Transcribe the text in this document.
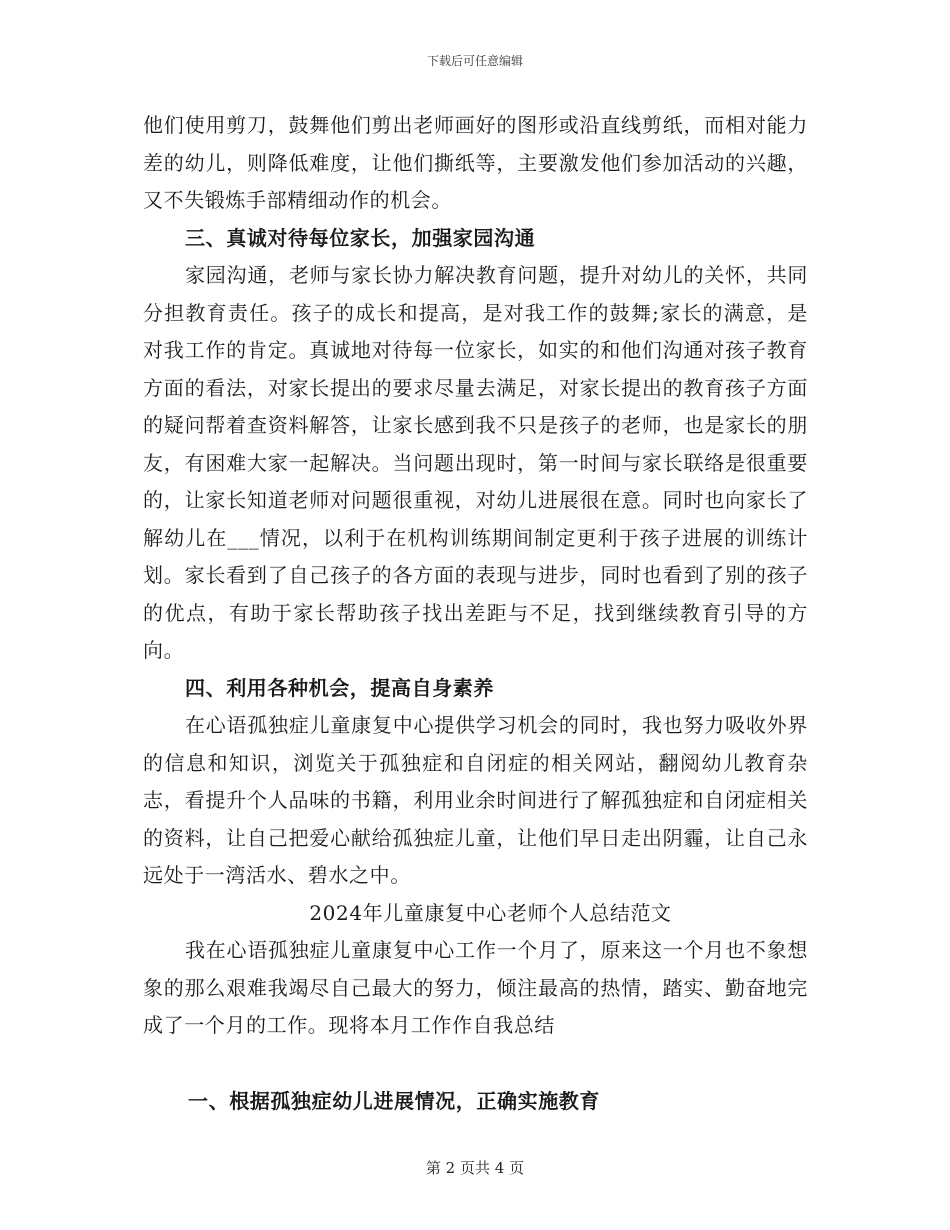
下载后可任意编辑

他们使用剪刀，鼓舞他们剪出老师画好的图形或沿直线剪纸，而相对能力差的幼儿，则降低难度，让他们撕纸等，主要激发他们参加活动的兴趣，又不失锻炼手部精细动作的机会。

三、真诚对待每位家长，加强家园沟通

家园沟通，老师与家长协力解决教育问题，提升对幼儿的关怀，共同分担教育责任。孩子的成长和提高，是对我工作的鼓舞;家长的满意，是对我工作的肯定。真诚地对待每一位家长，如实的和他们沟通对孩子教育方面的看法，对家长提出的要求尽量去满足，对家长提出的教育孩子方面的疑问帮着查资料解答，让家长感到我不只是孩子的老师，也是家长的朋友，有困难大家一起解决。当问题出现时，第一时间与家长联络是很重要的，让家长知道老师对问题很重视，对幼儿进展很在意。同时也向家长了解幼儿在___情况，以利于在机构训练期间制定更利于孩子进展的训练计划。家长看到了自己孩子的各方面的表现与进步，同时也看到了别的孩子的优点，有助于家长帮助孩子找出差距与不足，找到继续教育引导的方向。

四、利用各种机会，提高自身素养

在心语孤独症儿童康复中心提供学习机会的同时，我也努力吸收外界的信息和知识，浏览关于孤独症和自闭症的相关网站，翻阅幼儿教育杂志，看提升个人品味的书籍，利用业余时间进行了解孤独症和自闭症相关的资料，让自己把爱心献给孤独症儿童，让他们早日走出阴霾，让自己永远处于一湾活水、碧水之中。

2024年儿童康复中心老师个人总结范文

我在心语孤独症儿童康复中心工作一个月了，原来这一个月也不象想象的那么艰难我竭尽自己最大的努力，倾注最高的热情，踏实、勤奋地完成了一个月的工作。现将本月工作作自我总结

一、根据孤独症幼儿进展情况，正确实施教育

第 2 页共 4 页
